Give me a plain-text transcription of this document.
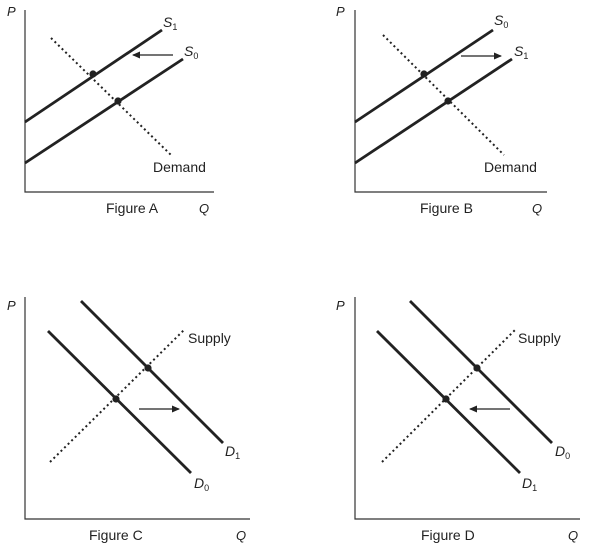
P
Q
Figure A
$S_1$
$S_0$
Demand
P
Q
Figure B
$S_0$
$S_1$
Demand
P
Q
Figure C
$D_1$
$D_0$
Supply
P
Q
Figure D
$D_0$
$D_1$
Supply
